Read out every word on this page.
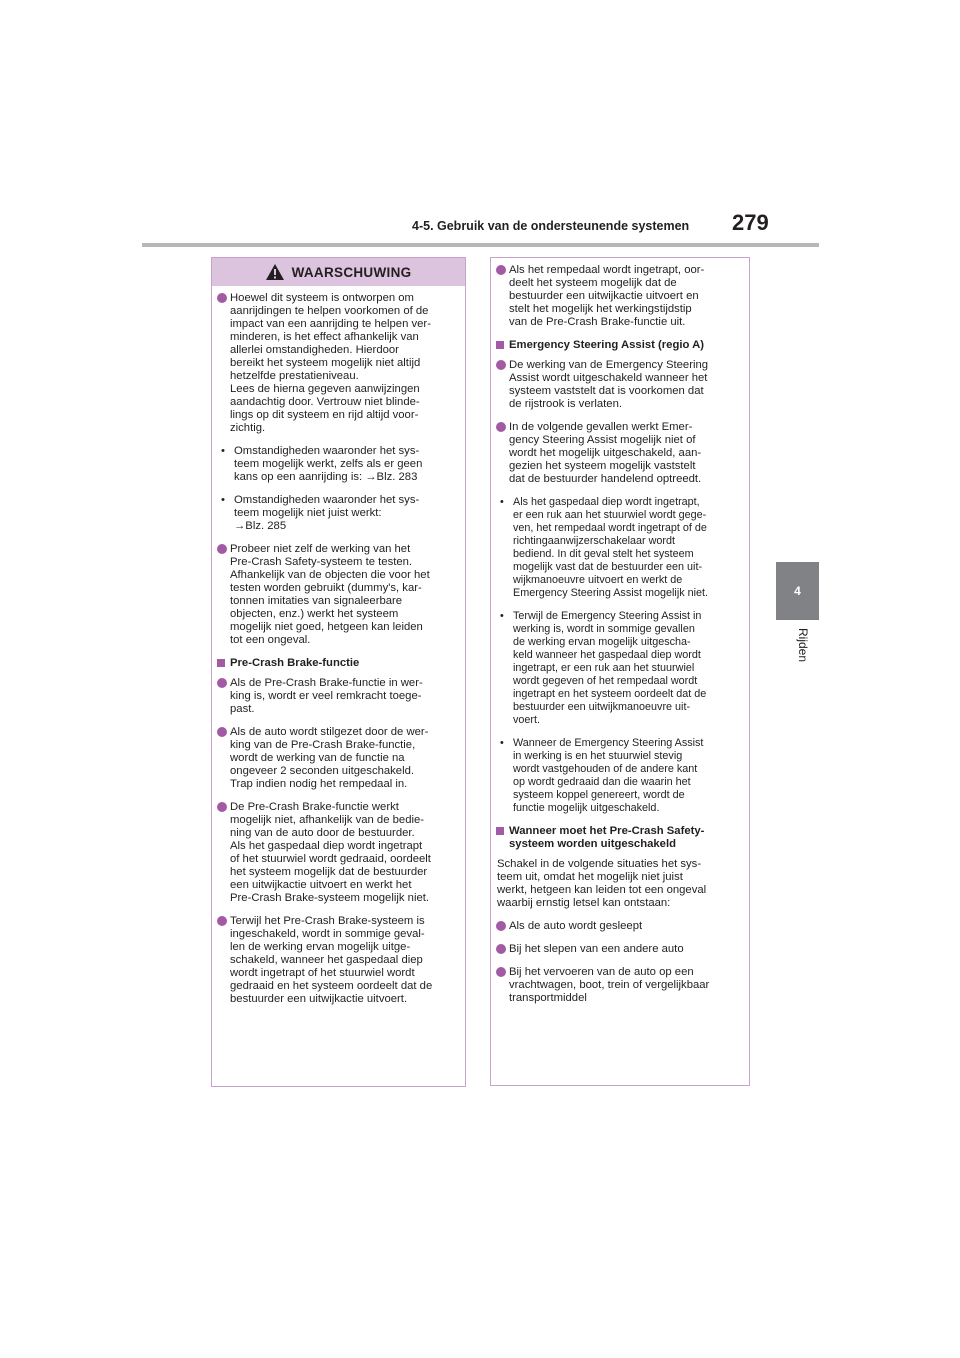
4-5. Gebruik van de ondersteunende systemen	279
4
Rijden
WAARSCHUWING
Hoewel dit systeem is ontworpen om
aanrijdingen te helpen voorkomen of de
impact van een aanrijding te helpen ver-
minderen, is het effect afhankelijk van
allerlei omstandigheden. Hierdoor
bereikt het systeem mogelijk niet altijd
hetzelfde prestatieniveau.
Lees de hierna gegeven aanwijzingen
aandachtig door. Vertrouw niet blinde-
lings op dit systeem en rijd altijd voor-
zichtig.
• Omstandigheden waaronder het sys-
teem mogelijk werkt, zelfs als er geen
kans op een aanrijding is: →Blz. 283
• Omstandigheden waaronder het sys-
teem mogelijk niet juist werkt:
→Blz. 285
Probeer niet zelf de werking van het
Pre-Crash Safety-systeem te testen.
Afhankelijk van de objecten die voor het
testen worden gebruikt (dummy's, kar-
tonnen imitaties van signaleerbare
objecten, enz.) werkt het systeem
mogelijk niet goed, hetgeen kan leiden
tot een ongeval.
Pre-Crash Brake-functie
Als de Pre-Crash Brake-functie in wer-
king is, wordt er veel remkracht toege-
past.
Als de auto wordt stilgezet door de wer-
king van de Pre-Crash Brake-functie,
wordt de werking van de functie na
ongeveer 2 seconden uitgeschakeld.
Trap indien nodig het rempedaal in.
De Pre-Crash Brake-functie werkt
mogelijk niet, afhankelijk van de bedie-
ning van de auto door de bestuurder.
Als het gaspedaal diep wordt ingetrapt
of het stuurwiel wordt gedraaid, oordeelt
het systeem mogelijk dat de bestuurder
een uitwijkactie uitvoert en werkt het
Pre-Crash Brake-systeem mogelijk niet.
Terwijl het Pre-Crash Brake-systeem is
ingeschakeld, wordt in sommige geval-
len de werking ervan mogelijk uitge-
schakeld, wanneer het gaspedaal diep
wordt ingetrapt of het stuurwiel wordt
gedraaid en het systeem oordeelt dat de
bestuurder een uitwijkactie uitvoert.
Als het rempedaal wordt ingetrapt, oor-
deelt het systeem mogelijk dat de
bestuurder een uitwijkactie uitvoert en
stelt het mogelijk het werkingstijdstip
van de Pre-Crash Brake-functie uit.
Emergency Steering Assist (regio A)
De werking van de Emergency Steering
Assist wordt uitgeschakeld wanneer het
systeem vaststelt dat is voorkomen dat
de rijstrook is verlaten.
In de volgende gevallen werkt Emer-
gency Steering Assist mogelijk niet of
wordt het mogelijk uitgeschakeld, aan-
gezien het systeem mogelijk vaststelt
dat de bestuurder handelend optreedt.
• Als het gaspedaal diep wordt ingetrapt,
er een ruk aan het stuurwiel wordt gege-
ven, het rempedaal wordt ingetrapt of de
richtingaanwijzerschakelaar wordt
bediend. In dit geval stelt het systeem
mogelijk vast dat de bestuurder een uit-
wijkmanoeuvre uitvoert en werkt de
Emergency Steering Assist mogelijk niet.
• Terwijl de Emergency Steering Assist in
werking is, wordt in sommige gevallen
de werking ervan mogelijk uitgescha-
keld wanneer het gaspedaal diep wordt
ingetrapt, er een ruk aan het stuurwiel
wordt gegeven of het rempedaal wordt
ingetrapt en het systeem oordeelt dat de
bestuurder een uitwijkmanoeuvre uit-
voert.
• Wanneer de Emergency Steering Assist
in werking is en het stuurwiel stevig
wordt vastgehouden of de andere kant
op wordt gedraaid dan die waarin het
systeem koppel genereert, wordt de
functie mogelijk uitgeschakeld.
Wanneer moet het Pre-Crash Safety-
systeem worden uitgeschakeld
Schakel in de volgende situaties het sys-
teem uit, omdat het mogelijk niet juist
werkt, hetgeen kan leiden tot een ongeval
waarbij ernstig letsel kan ontstaan:
Als de auto wordt gesleept
Bij het slepen van een andere auto
Bij het vervoeren van de auto op een
vrachtwagen, boot, trein of vergelijkbaar
transportmiddel
